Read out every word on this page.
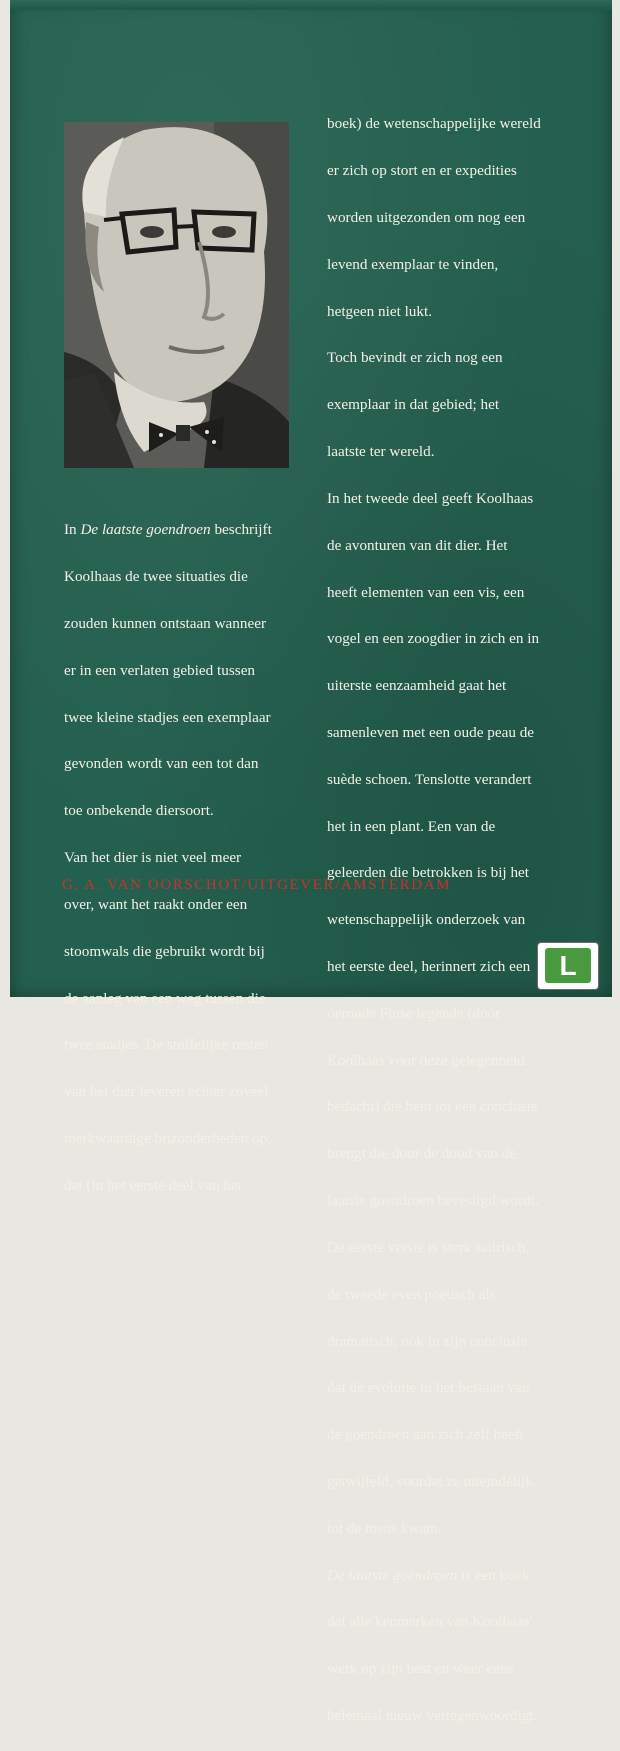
In De laatste goendroen beschrijft

Koolhaas de twee situaties die

zouden kunnen ontstaan wanneer

er in een verlaten gebied tussen

twee kleine stadjes een exemplaar

gevonden wordt van een tot dan

toe onbekende diersoort.

Van het dier is niet veel meer

over, want het raakt onder een

stoomwals die gebruikt wordt bij

de aanleg van een weg tussen die

twee stadjes. De stoffelijke resten

van het dier leveren echter zoveel

merkwaardige bijzonderheden op,

dat (in het eerste deel van het

boek) de wetenschappelijke wereld

er zich op stort en er expedities

worden uitgezonden om nog een

levend exemplaar te vinden,

hetgeen niet lukt.

Toch bevindt er zich nog een

exemplaar in dat gebied; het

laatste ter wereld.

In het tweede deel geeft Koolhaas

de avonturen van dit dier. Het

heeft elementen van een vis, een

vogel en een zoogdier in zich en in

uiterste eenzaamheid gaat het

samenleven met een oude peau de

suède schoen. Tenslotte verandert

het in een plant. Een van de

geleerden die betrokken is bij het

wetenschappelijk onderzoek van

het eerste deel, herinnert zich een

oeroude Finse legende (door

Koolhaas voor deze gelegenheid

bedacht) die hem tot een conclusie

brengt die door de dood van de

laatste goendroen bevestigd wordt.

De eerste versie is sterk satirisch,

de tweede even poëtisch als

dramatisch, ook in zijn conclusie

dat de evolutie in het bestaan van

de goendroen aan zich zelf heeft

getwijfeld, voordat ze uiteindelijk

tot de mens kwam.

De laatste goendroen is een boek

dat alle kenmerken van Koolhaas'

werk op zijn best en weer eens

helemaal nieuw vertegenwoordigt.

G. A. VAN OORSCHOT/UITGEVER/AMSTERDAM
L
